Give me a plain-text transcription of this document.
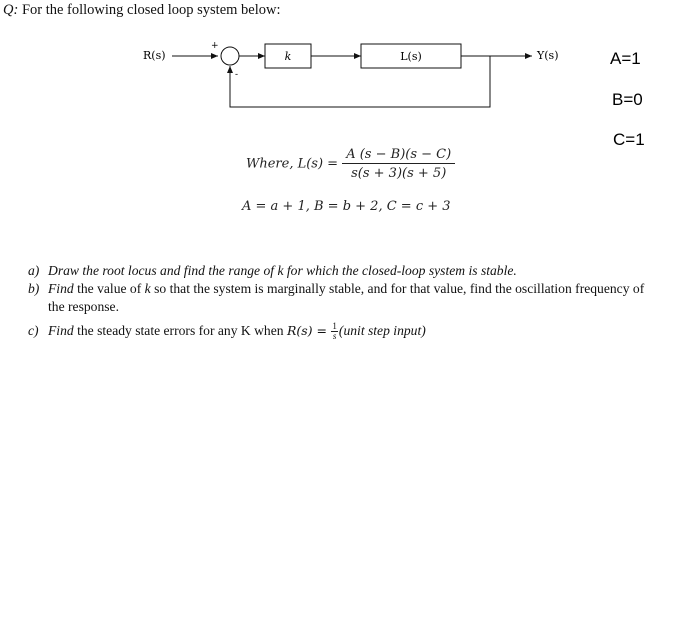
Q: For the following closed loop system below:
R(s)
+
-
k	L(s)	Y(s)	A=1
B=0
C=1
Where, $L(s) = \frac{A (s - B)(s - C)}{s(s + 3)(s + 5)}$
A = a + 1, B = b + 2, C = c + 3
a) Draw the root locus and find the range of k for which the closed-loop system is stable.
b) Find the value of k so that the system is marginally stable, and for that value, find the oscillation frequency of
the response.
c) Find the steady state errors for any K when $R(s) = \frac{1}{s}$ (unit step input)
